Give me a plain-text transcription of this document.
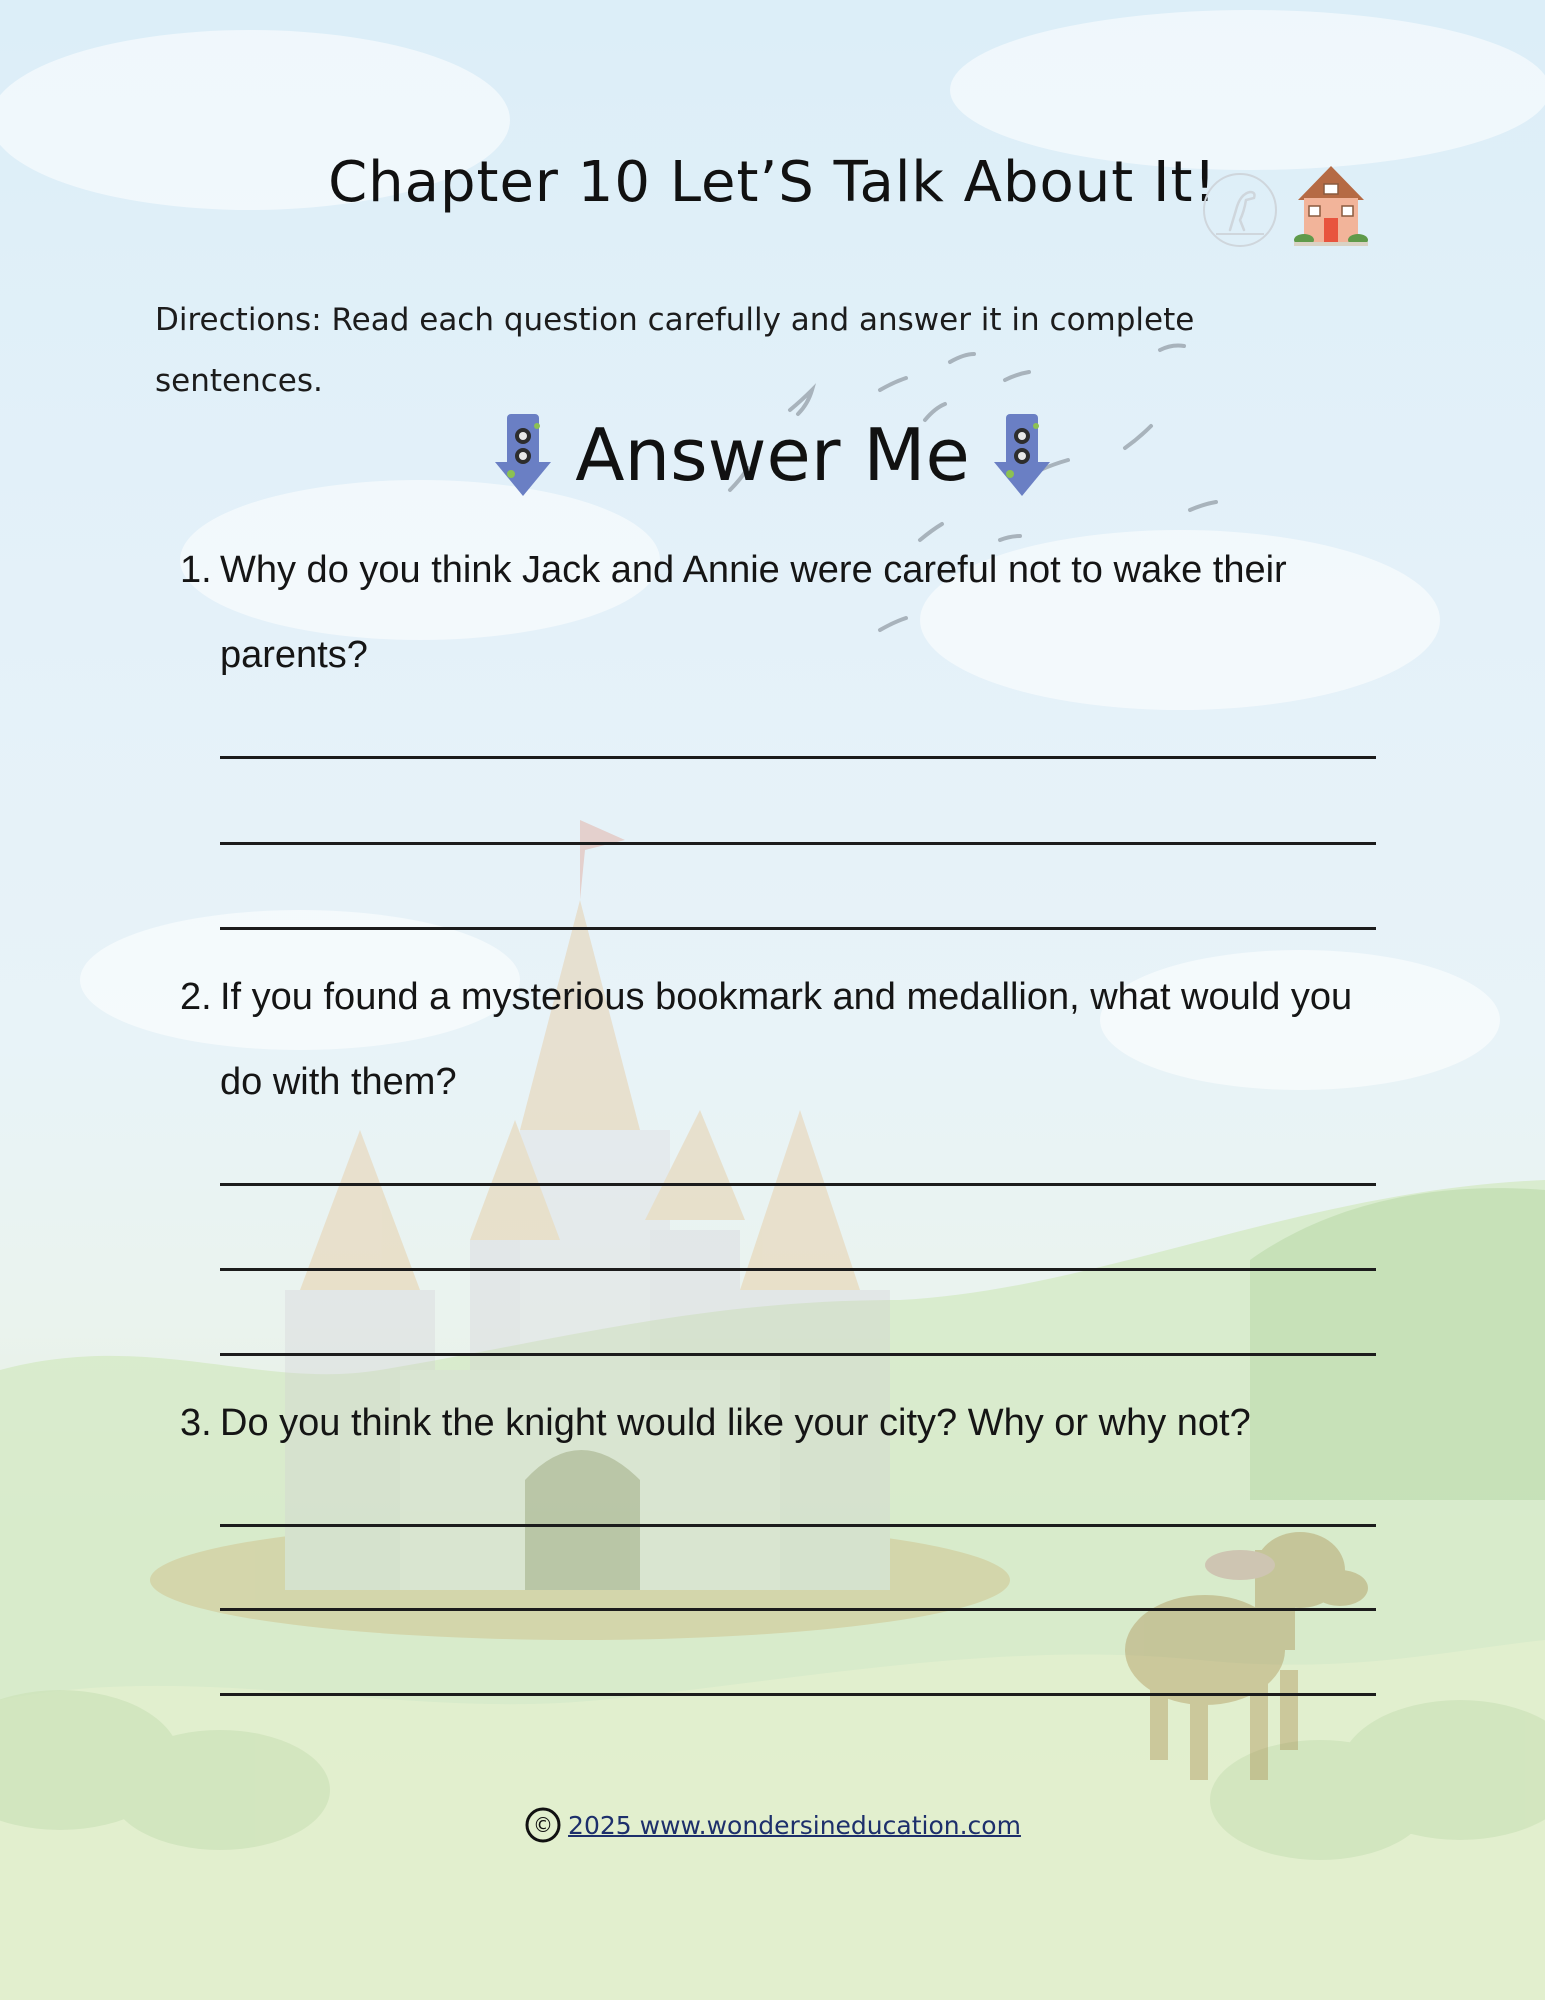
Chapter 10 Let’S Talk About It!

Directions: Read each question carefully and answer it in complete sentences.

Answer Me
1. Why do you think Jack and Annie were careful not to wake their parents?
2. If you found a mysterious bookmark and medallion, what would you do with them?
3. Do you think the knight would like your city? Why or why not?
© 2025 www.wondersineducation.com
